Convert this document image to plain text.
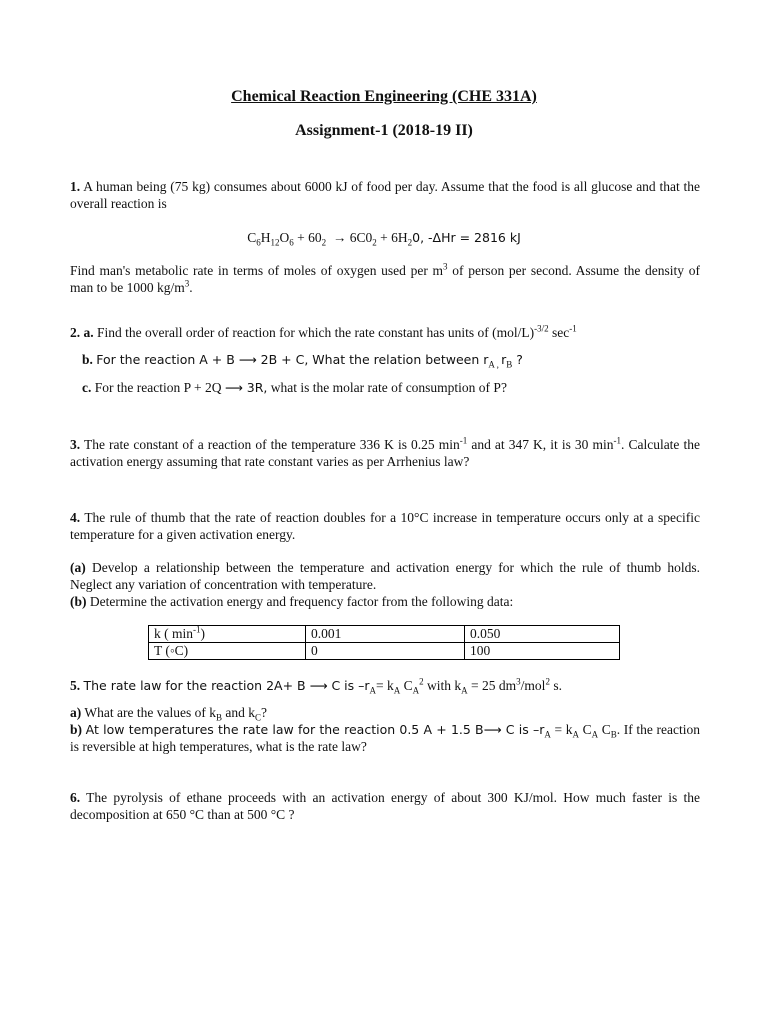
Chemical Reaction Engineering (CHE 331A)
Assignment-1 (2018-19 II)
1. A human being (75 kg) consumes about 6000 kJ of food per day. Assume that the food is all glucose and that the overall reaction is
$C_6H_{12}O_6 + 60_2 \to 6C0_2 + 6H_20$, -ΔHr = 2816 kJ
Find man's metabolic rate in terms of moles of oxygen used per $m^3$ of person per second. Assume the density of man to be 1000 $kg/m^3$.
2. a. Find the overall order of reaction for which the rate constant has units of $(mol/L)^{-3/2}$ $\sec^{-1}$
b. For the reaction A + B ⟶ 2B + C, What the relation between $r_{A ,}$ $r_B$ ?
c. For the reaction P + 2Q ⟶ 3R, what is the molar rate of consumption of P?
3. The rate constant of a reaction of the temperature 336 K is 0.25 $\min^{-1}$ and at 347 K, it is 30 $\min^{-1}$. Calculate the activation energy assuming that rate constant varies as per Arrhenius law?
4. The rule of thumb that the rate of reaction doubles for a 10°C increase in temperature occurs only at a specific temperature for a given activation energy.
(a) Develop a relationship between the temperature and activation energy for which the rule of thumb holds. Neglect any variation of concentration with temperature.
(b) Determine the activation energy and frequency factor from the following data:
k ( $\min^{-1}$)	0.001	0.050
T (◦C)	0	100
5. The rate law for the reaction 2A+ B ⟶ C is $-r_A= k_A$ $C_A^2$ with $k_A = 25$ $dm^3/mol^2$ s.
a) What are the values of $k_B$ and $k_C$?
b) At low temperatures the rate law for the reaction 0.5 A + 1.5 B⟶ C is $-r_A = k_A$ $C_A$ $C_B$. If the reaction is reversible at high temperatures, what is the rate law?
6. The pyrolysis of ethane proceeds with an activation energy of about 300 KJ/mol. How much faster is the decomposition at 650 °C than at 500 °C ?
